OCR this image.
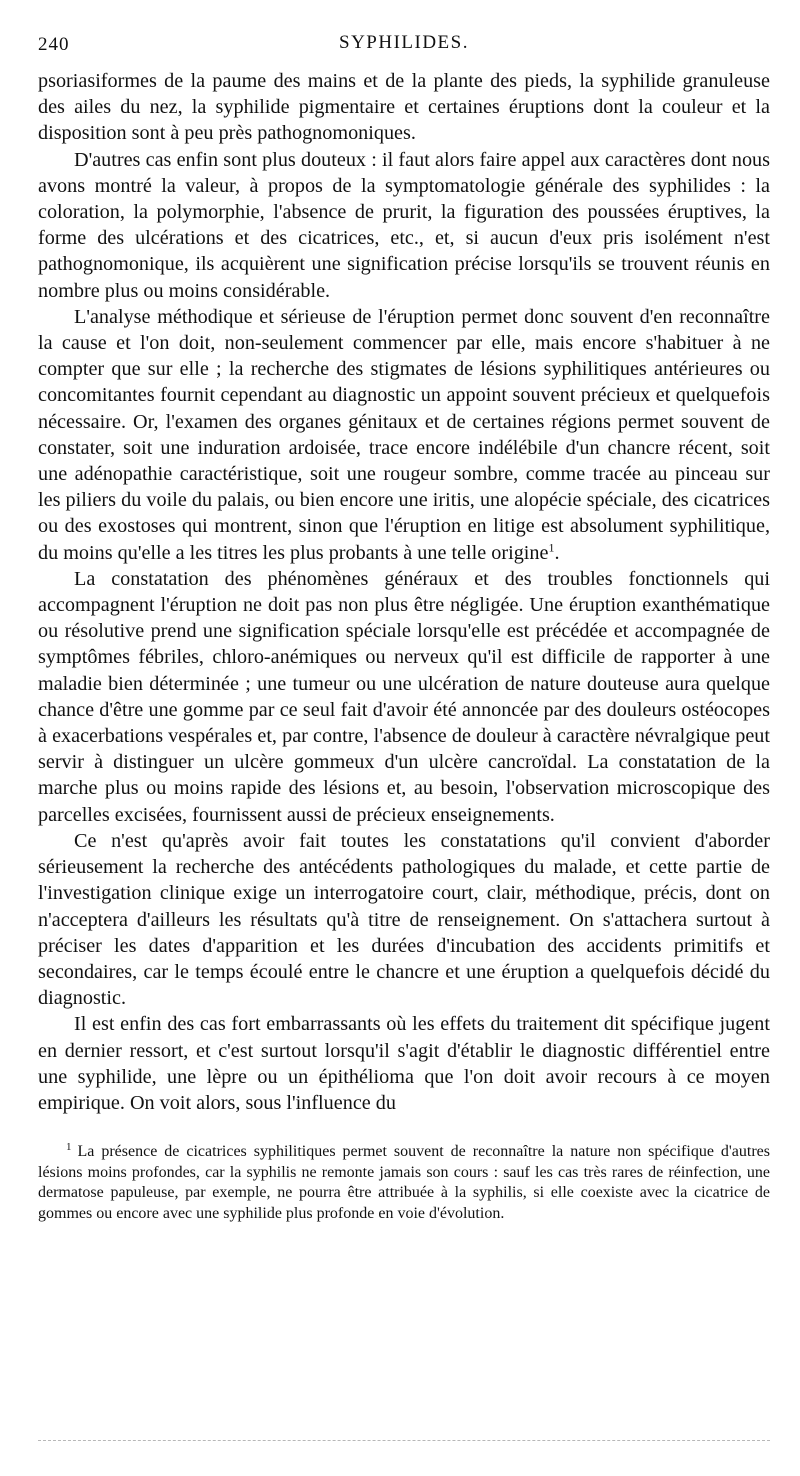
240	SYPHILIDES.

psoriasiformes de la paume des mains et de la plante des pieds, la syphilide granuleuse des ailes du nez, la syphilide pigmentaire et certaines éruptions dont la couleur et la disposition sont à peu près pathognomoniques.

D'autres cas enfin sont plus douteux : il faut alors faire appel aux caractères dont nous avons montré la valeur, à propos de la symptomatologie générale des syphilides : la coloration, la polymorphie, l'absence de prurit, la figuration des poussées éruptives, la forme des ulcérations et des cicatrices, etc., et, si aucun d'eux pris isolément n'est pathognomonique, ils acquièrent une signification précise lorsqu'ils se trouvent réunis en nombre plus ou moins considérable.

L'analyse méthodique et sérieuse de l'éruption permet donc souvent d'en reconnaître la cause et l'on doit, non-seulement commencer par elle, mais encore s'habituer à ne compter que sur elle ; la recherche des stigmates de lésions syphilitiques antérieures ou concomitantes fournit cependant au diagnostic un appoint souvent précieux et quelquefois nécessaire. Or, l'examen des organes génitaux et de certaines régions permet souvent de constater, soit une induration ardoisée, trace encore indélébile d'un chancre récent, soit une adénopathie caractéristique, soit une rougeur sombre, comme tracée au pinceau sur les piliers du voile du palais, ou bien encore une iritis, une alopécie spéciale, des cicatrices ou des exostoses qui montrent, sinon que l'éruption en litige est absolument syphilitique, du moins qu'elle a les titres les plus probants à une telle origine$^1$.

La constatation des phénomènes généraux et des troubles fonctionnels qui accompagnent l'éruption ne doit pas non plus être négligée. Une éruption exanthématique ou résolutive prend une signification spéciale lorsqu'elle est précédée et accompagnée de symptômes fébriles, chloro-anémiques ou nerveux qu'il est difficile de rapporter à une maladie bien déterminée ; une tumeur ou une ulcération de nature douteuse aura quelque chance d'être une gomme par ce seul fait d'avoir été annoncée par des douleurs ostéocopes à exacerbations vespérales et, par contre, l'absence de douleur à caractère névralgique peut servir à distinguer un ulcère gommeux d'un ulcère cancroïdal. La constatation de la marche plus ou moins rapide des lésions et, au besoin, l'observation microscopique des parcelles excisées, fournissent aussi de précieux enseignements.

Ce n'est qu'après avoir fait toutes les constatations qu'il convient d'aborder sérieusement la recherche des antécédents pathologiques du malade, et cette partie de l'investigation clinique exige un interrogatoire court, clair, méthodique, précis, dont on n'acceptera d'ailleurs les résultats qu'à titre de renseignement. On s'attachera surtout à préciser les dates d'apparition et les durées d'incubation des accidents primitifs et secondaires, car le temps écoulé entre le chancre et une éruption a quelquefois décidé du diagnostic.

Il est enfin des cas fort embarrassants où les effets du traitement dit spécifique jugent en dernier ressort, et c'est surtout lorsqu'il s'agit d'établir le diagnostic différentiel entre une syphilide, une lèpre ou un épithélioma que l'on doit avoir recours à ce moyen empirique. On voit alors, sous l'influence du

$^1$ La présence de cicatrices syphilitiques permet souvent de reconnaître la nature non spécifique d'autres lésions moins profondes, car la syphilis ne remonte jamais son cours : sauf les cas très rares de réinfection, une dermatose papuleuse, par exemple, ne pourra être attribuée à la syphilis, si elle coexiste avec la cicatrice de gommes ou encore avec une syphilide plus profonde en voie d'évolution.
